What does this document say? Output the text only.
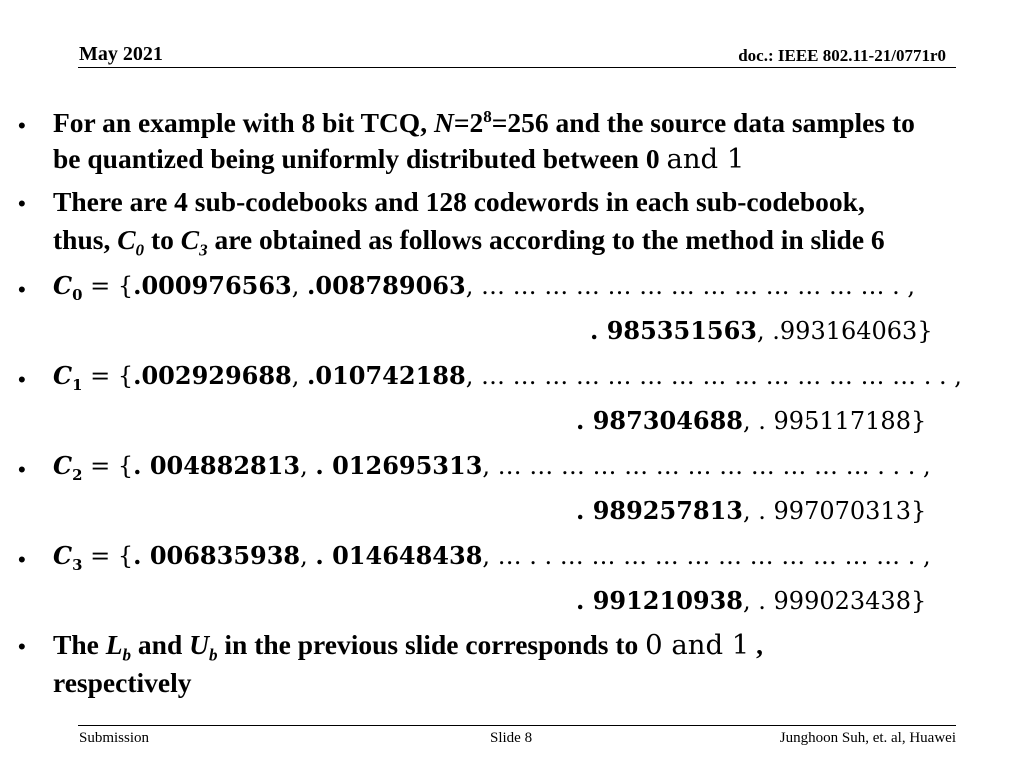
May 2021	doc.: IEEE 802.11-21/0771r0
• For an example with 8 bit TCQ, $N=2^8=256$ and the source data samples to
be quantized being uniformly distributed between 0 and 1
• There are 4 sub-codebooks and 128 codewords in each sub-codebook,
thus, $C_0$ to $C_3$ are obtained as follows according to the method in slide 6
• $C_0 = \{.000976563$, .008789063, … … … … … … … … … … … … … . ,
. 985351563, .993164063}
• $C_1 = \{.002929688$, .010742188, … … … … … … … … … … … … … … . . ,
. 987304688, . 995117188}
• $C_2$ = {. 004882813, . 012695313, … … … … … … … … … … … … . . . ,
. 989257813, . 997070313}
• $C_3$ = {. 006835938, . 014648438, … . . … … … … … … … … … … … . ,
. 991210938, . 999023438}
• The $L_b$ and $U_b$ in the previous slide corresponds to 0 and 1 ,
respectively
Submission	Slide 8	Junghoon Suh, et. al, Huawei
